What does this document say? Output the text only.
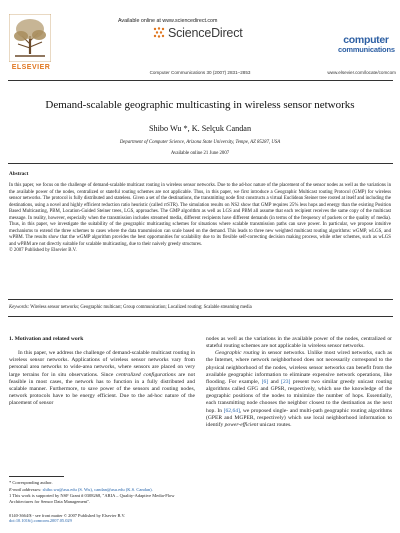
ELSEVIER
Available online at www.sciencedirect.com
ScienceDirect
Computer Communications 30 (2007) 2831–2853
computer
communications
www.elsevier.com/locate/comcom
Demand-scalable geographic multicasting in wireless sensor networks
Shibo Wu *, K. Selçuk Candan
Department of Computer Science, Arizona State University, Tempe, AZ 85287, USA
Available online 21 June 2007
Abstract
In this paper, we focus on the challenge of demand-scalable multicast routing in wireless sensor networks. Due to the ad-hoc nature of the placement of the sensor nodes as well as the variations in the available power of the nodes, centralized or stateful routing schemes are not applicable. Thus, in this paper, we first introduce a Geographic Multicast routing Protocol (GMP) for wireless sensor networks. The protocol is fully distributed and stateless. Given a set of the destinations, the transmitting node first constructs a virtual Euclidean Steiner tree rooted at itself and including the destinations, using a novel and highly efficient reduction ratio heuristic (called rrSTR). The simulation results on NS2 show that GMP requires 25% less hops and energy than the existing Position Based Multicasting, PBM, Location-Guided Steiner trees, LGS, approaches. The GMP algorithm as well as LGS and PBM all assume that each recipient receives the same copy of the multicast message. In reality, however, especially when the transmission includes streamed media, different recipients have different demands (in terms of the frequency of packets or the quality of media). Thus, in this paper, we investigate the suitability of the geographic multicasting schemes for situations where scalable transmission paths can save power. In particular, we propose intuitive mechanisms to extend the three schemes to cases where the data transmission can scale based on the demand. This leads to three new weighted multicast routing algorithms: wGMP, wLGS, and wPBM. The results show that the wGMP algorithm provides the best opportunities for scalability due to its flexible self-correcting decision making process, while other schemes, such as wLGS and wPBM are not directly suitable for scalable multicasting, due to their naively greedy structures.
© 2007 Published by Elsevier B.V.
Keywords: Wireless sensor networks; Geographic multicast; Group communication; Localized routing; Scalable streaming media
1. Motivation and related work

In this paper, we address the challenge of demand-scalable multicast routing in wireless sensor networks. Applications of wireless sensor networks vary from personal area networks to wide-area networks, where sensors are placed on very large terrains for in situ observations. Since centralized configurations are not feasible in most cases, the network has to function in a fully distributed and scalable manner. Furthermore, to save power of the sensors and routing nodes, network protocols have to be energy efficient. Due to the ad-hoc nature of the placement of sensor

* Corresponding author.

E-mail addresses: shibo.wu@asu.edu (S. Wu), candan@asu.edu (K.S. Candan).

1 This work is supported by NSF Grant # 0308268, "ARIA – Quality-Adaptive Media-Flow Architectures for Sensor Data Management".

0140-3664/$ - see front matter © 2007 Published by Elsevier B.V.
doi:10.1016/j.comcom.2007.05.029

nodes as well as the variations in the available power of the nodes, centralized or stateful routing schemes are not applicable in wireless sensor networks.

Geographic routing in sensor networks. Unlike most wired networks, such as the Internet, where network neighborhood does not necessarily correspond to the physical neighborhood of the nodes, wireless sensor networks can benefit from the available geographic information to eliminate expensive network operations, like flooding. For example, [6] and [23] present two similar greedy unicast routing algorithms called GFG and GPSR, respectively, which use the knowledge of the geographic positions of the nodes to minimize the number of hops. Essentially, each transmitting node chooses the neighbor closest to the destination as the next hop. In [62,64], we proposed single- and multi-path geographic routing algorithms (GPER and MGPER, respectively) which use local neighborhood information to identify power-efficient unicast routes.
